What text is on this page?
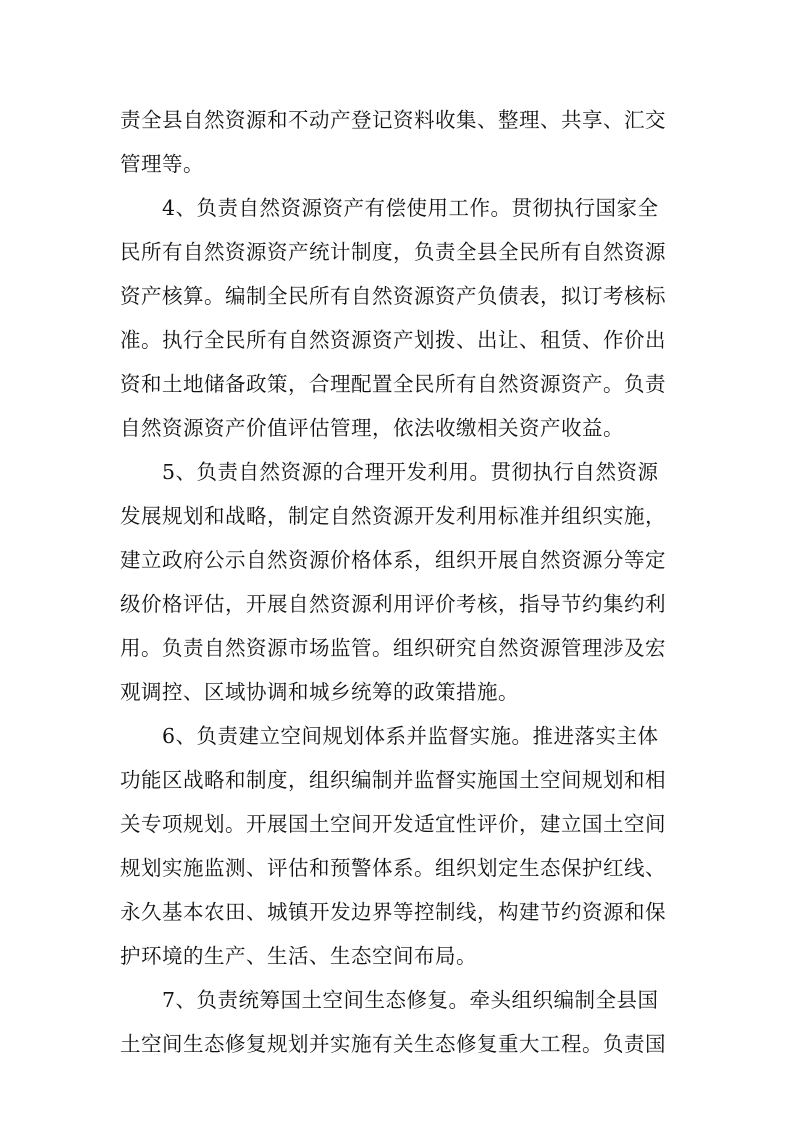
责全县自然资源和不动产登记资料收集、整理、共享、汇交
管理等。
4、负责自然资源资产有偿使用工作。贯彻执行国家全
民所有自然资源资产统计制度，负责全县全民所有自然资源
资产核算。编制全民所有自然资源资产负债表，拟订考核标
准。执行全民所有自然资源资产划拨、出让、租赁、作价出
资和土地储备政策，合理配置全民所有自然资源资产。负责
自然资源资产价值评估管理，依法收缴相关资产收益。
5、负责自然资源的合理开发利用。贯彻执行自然资源
发展规划和战略，制定自然资源开发利用标准并组织实施，
建立政府公示自然资源价格体系，组织开展自然资源分等定
级价格评估，开展自然资源利用评价考核，指导节约集约利
用。负责自然资源市场监管。组织研究自然资源管理涉及宏
观调控、区域协调和城乡统筹的政策措施。
6、负责建立空间规划体系并监督实施。推进落实主体
功能区战略和制度，组织编制并监督实施国土空间规划和相
关专项规划。开展国土空间开发适宜性评价，建立国土空间
规划实施监测、评估和预警体系。组织划定生态保护红线、
永久基本农田、城镇开发边界等控制线，构建节约资源和保
护环境的生产、生活、生态空间布局。
7、负责统筹国土空间生态修复。牵头组织编制全县国
土空间生态修复规划并实施有关生态修复重大工程。负责国
